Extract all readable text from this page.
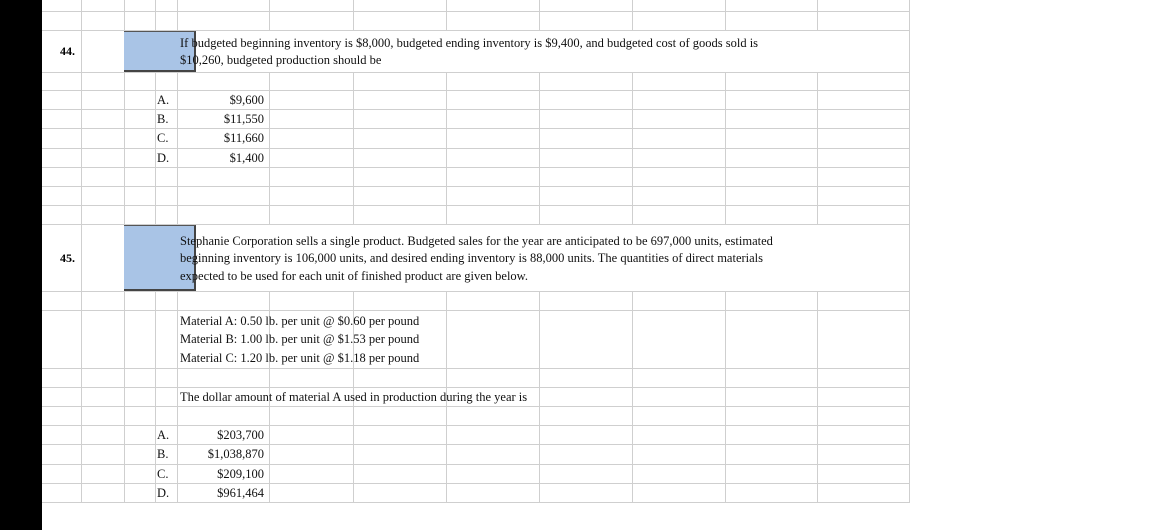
44.
If budgeted beginning inventory is $8,000, budgeted ending inventory is $9,400, and budgeted cost of goods sold is
$10,260, budgeted production should be
A.	$9,600
B.	$11,550
C.	$11,660
D.	$1,400
45.
Stephanie Corporation sells a single product. Budgeted sales for the year are anticipated to be 697,000 units, estimated
beginning inventory is 106,000 units, and desired ending inventory is 88,000 units. The quantities of direct materials
expected to be used for each unit of finished product are given below.
Material A: 0.50 lb. per unit @ $0.60 per pound
Material B: 1.00 lb. per unit @ $1.53 per pound
Material C: 1.20 lb. per unit @ $1.18 per pound
The dollar amount of material A used in production during the year is
A.	$203,700
B.	$1,038,870
C.	$209,100
D.	$961,464
